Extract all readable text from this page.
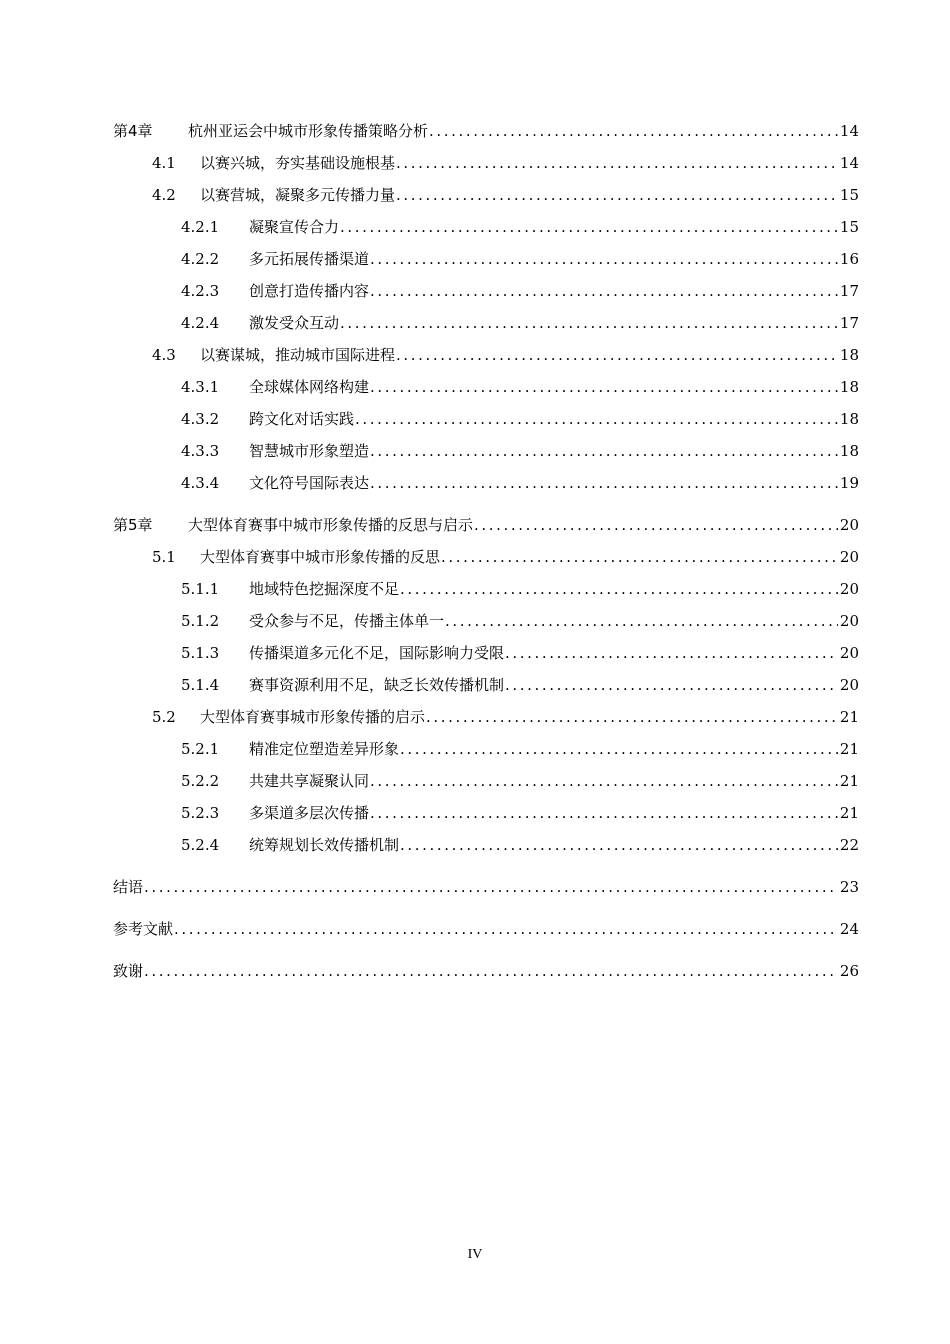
第4章	杭州亚运会中城市形象传播策略分析 .....	14
4.1	以赛兴城，夯实基础设施根基 .....	14
4.2	以赛营城，凝聚多元传播力量 .....	15
4.2.1	凝聚宣传合力 .....	15
4.2.2	多元拓展传播渠道 .....	16
4.2.3	创意打造传播内容 .....	17
4.2.4	激发受众互动 .....	17
4.3	以赛谋城，推动城市国际进程 .....	18
4.3.1	全球媒体网络构建 .....	18
4.3.2	跨文化对话实践 .....	18
4.3.3	智慧城市形象塑造 .....	18
4.3.4	文化符号国际表达 .....	19
第5章	大型体育赛事中城市形象传播的反思与启示 .....	20
5.1	大型体育赛事中城市形象传播的反思 .....	20
5.1.1	地域特色挖掘深度不足 .....	20
5.1.2	受众参与不足，传播主体单一 .....	20
5.1.3	传播渠道多元化不足，国际影响力受限 .....	20
5.1.4	赛事资源利用不足，缺乏长效传播机制 .....	20
5.2	大型体育赛事城市形象传播的启示 .....	21
5.2.1	精准定位塑造差异形象 .....	21
5.2.2	共建共享凝聚认同 .....	21
5.2.3	多渠道多层次传播 .....	21
5.2.4	统筹规划长效传播机制 .....	22
结语 .....	23
参考文献 .....	24
致谢 .....	26
IV
